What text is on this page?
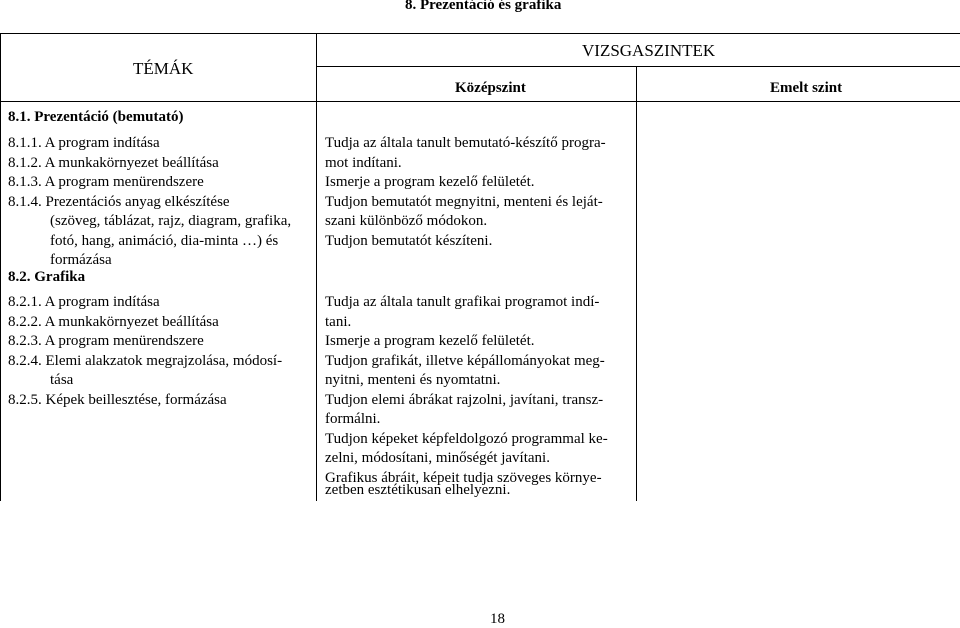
8. Prezentáció és grafika
TÉMÁK
VIZSGASZINTEK
Középszint	Emelt szint
8.1. Prezentáció (bemutató)
8.1.1. A program indítása
8.1.2. A munkakörnyezet beállítása
8.1.3. A program menürendszere
8.1.4. Prezentációs anyag elkészítése
(szöveg, táblázat, rajz, diagram, grafika,
fotó, hang, animáció, dia-minta …) és
formázása
Tudja az általa tanult bemutató-készítő progra-
mot indítani.
Ismerje a program kezelő felületét.
Tudjon bemutatót megnyitni, menteni és leját-
szani különböző módokon.
Tudjon bemutatót készíteni.
8.2. Grafika
8.2.1. A program indítása
8.2.2. A munkakörnyezet beállítása
8.2.3. A program menürendszere
8.2.4. Elemi alakzatok megrajzolása, módosí-
tása
8.2.5. Képek beillesztése, formázása
Tudja az általa tanult grafikai programot indí-
tani.
Ismerje a program kezelő felületét.
Tudjon grafikát, illetve képállományokat meg-
nyitni, menteni és nyomtatni.
Tudjon elemi ábrákat rajzolni, javítani, transz-
formálni.
Tudjon képeket képfeldolgozó programmal ke-
zelni, módosítani, minőségét javítani.
Grafikus ábráit, képeit tudja szöveges környe-
zetben esztétikusan elhelyezni.
18
